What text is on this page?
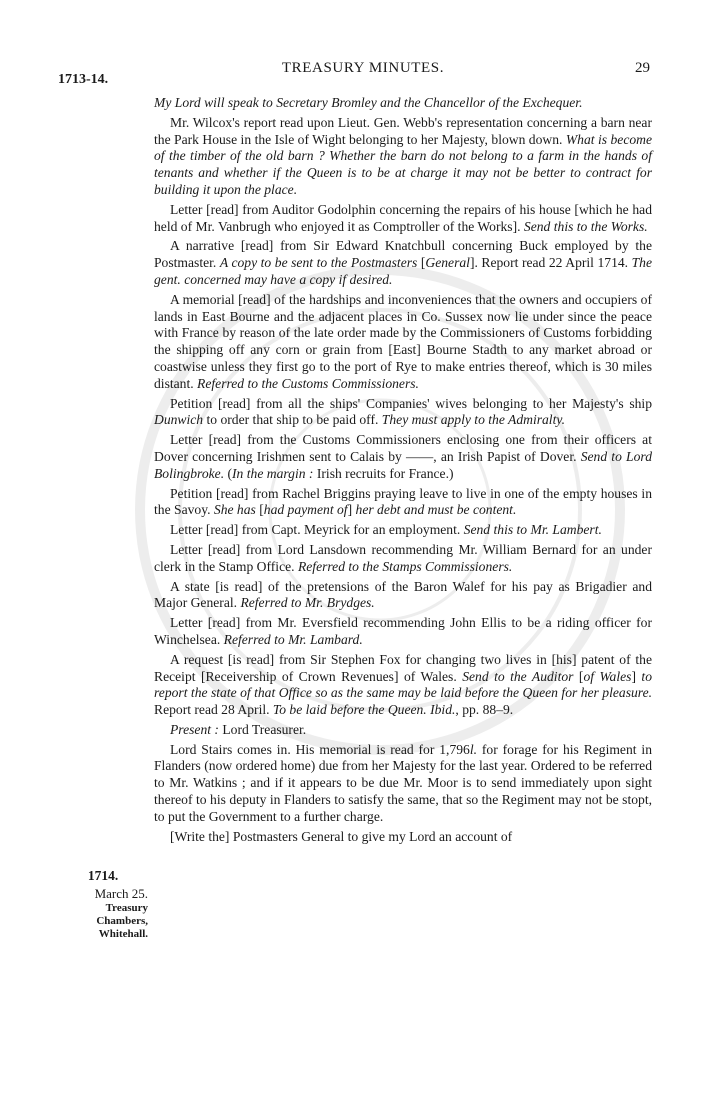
1713-14.
TREASURY MINUTES.	29

My Lord will speak to Secretary Bromley and the Chancellor of the Exchequer.

Mr. Wilcox's report read upon Lieut. Gen. Webb's representation concerning a barn near the Park House in the Isle of Wight belonging to her Majesty, blown down. What is become of the timber of the old barn ? Whether the barn do not belong to a farm in the hands of tenants and whether if the Queen is to be at charge it may not be better to contract for building it upon the place.

Letter [read] from Auditor Godolphin concerning the repairs of his house [which he had held of Mr. Vanbrugh who enjoyed it as Comptroller of the Works]. Send this to the Works.

A narrative [read] from Sir Edward Knatchbull concerning Buck employed by the Postmaster. A copy to be sent to the Postmasters [General]. Report read 22 April 1714. The gent. concerned may have a copy if desired.

A memorial [read] of the hardships and inconveniences that the owners and occupiers of lands in East Bourne and the adjacent places in Co. Sussex now lie under since the peace with France by reason of the late order made by the Commissioners of Customs forbidding the shipping off any corn or grain from [East] Bourne Stadth to any market abroad or coastwise unless they first go to the port of Rye to make entries thereof, which is 30 miles distant. Referred to the Customs Commissioners.

Petition [read] from all the ships' Companies' wives belonging to her Majesty's ship Dunwich to order that ship to be paid off. They must apply to the Admiralty.

Letter [read] from the Customs Commissioners enclosing one from their officers at Dover concerning Irishmen sent to Calais by ——, an Irish Papist of Dover. Send to Lord Bolingbroke. (In the margin : Irish recruits for France.)

Petition [read] from Rachel Briggins praying leave to live in one of the empty houses in the Savoy. She has [had payment of] her debt and must be content.

Letter [read] from Capt. Meyrick for an employment. Send this to Mr. Lambert.

Letter [read] from Lord Lansdown recommending Mr. William Bernard for an under clerk in the Stamp Office. Referred to the Stamps Commissioners.

A state [is read] of the pretensions of the Baron Walef for his pay as Brigadier and Major General. Referred to Mr. Brydges.

Letter [read] from Mr. Eversfield recommending John Ellis to be a riding officer for Winchelsea. Referred to Mr. Lambard.

A request [is read] from Sir Stephen Fox for changing two lives in [his] patent of the Receipt [Receivership of Crown Revenues] of Wales. Send to the Auditor [of Wales] to report the state of that Office so as the same may be laid before the Queen for her pleasure. Report read 28 April. To be laid before the Queen. Ibid., pp. 88–9.

Present : Lord Treasurer.

Lord Stairs comes in. His memorial is read for 1,796l. for forage for his Regiment in Flanders (now ordered home) due from her Majesty for the last year. Ordered to be referred to Mr. Watkins ; and if it appears to be due Mr. Moor is to send immediately upon sight thereof to his deputy in Flanders to satisfy the same, that so the Regiment may not be stopt, to put the Government to a further charge.

[Write the] Postmasters General to give my Lord an account of

1714.
March 25.
Treasury
Chambers,
Whitehall.
